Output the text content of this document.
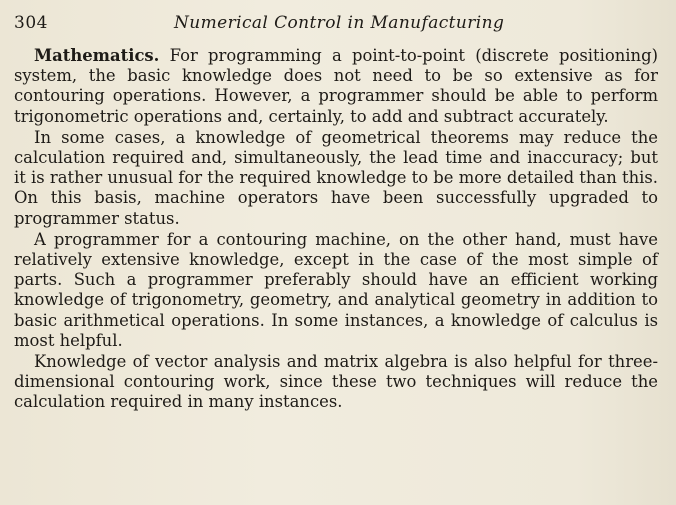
304	Numerical Control in Manufacturing

Mathematics. For programming a point-to-point (discrete positioning) system, the basic knowledge does not need to be so extensive as for contouring operations. However, a programmer should be able to perform trigonometric operations and, certainly, to add and subtract accurately.

In some cases, a knowledge of geometrical theorems may reduce the calculation required and, simultaneously, the lead time and inaccuracy; but it is rather unusual for the required knowledge to be more detailed than this. On this basis, machine operators have been successfully upgraded to programmer status.

A programmer for a contouring machine, on the other hand, must have relatively extensive knowledge, except in the case of the most simple of parts. Such a programmer preferably should have an efficient working knowledge of trigonometry, geometry, and analytical geometry in addition to basic arithmetical operations. In some instances, a knowledge of calculus is most helpful.

Knowledge of vector analysis and matrix algebra is also helpful for three-dimensional contouring work, since these two techniques will reduce the calculation required in many instances.
